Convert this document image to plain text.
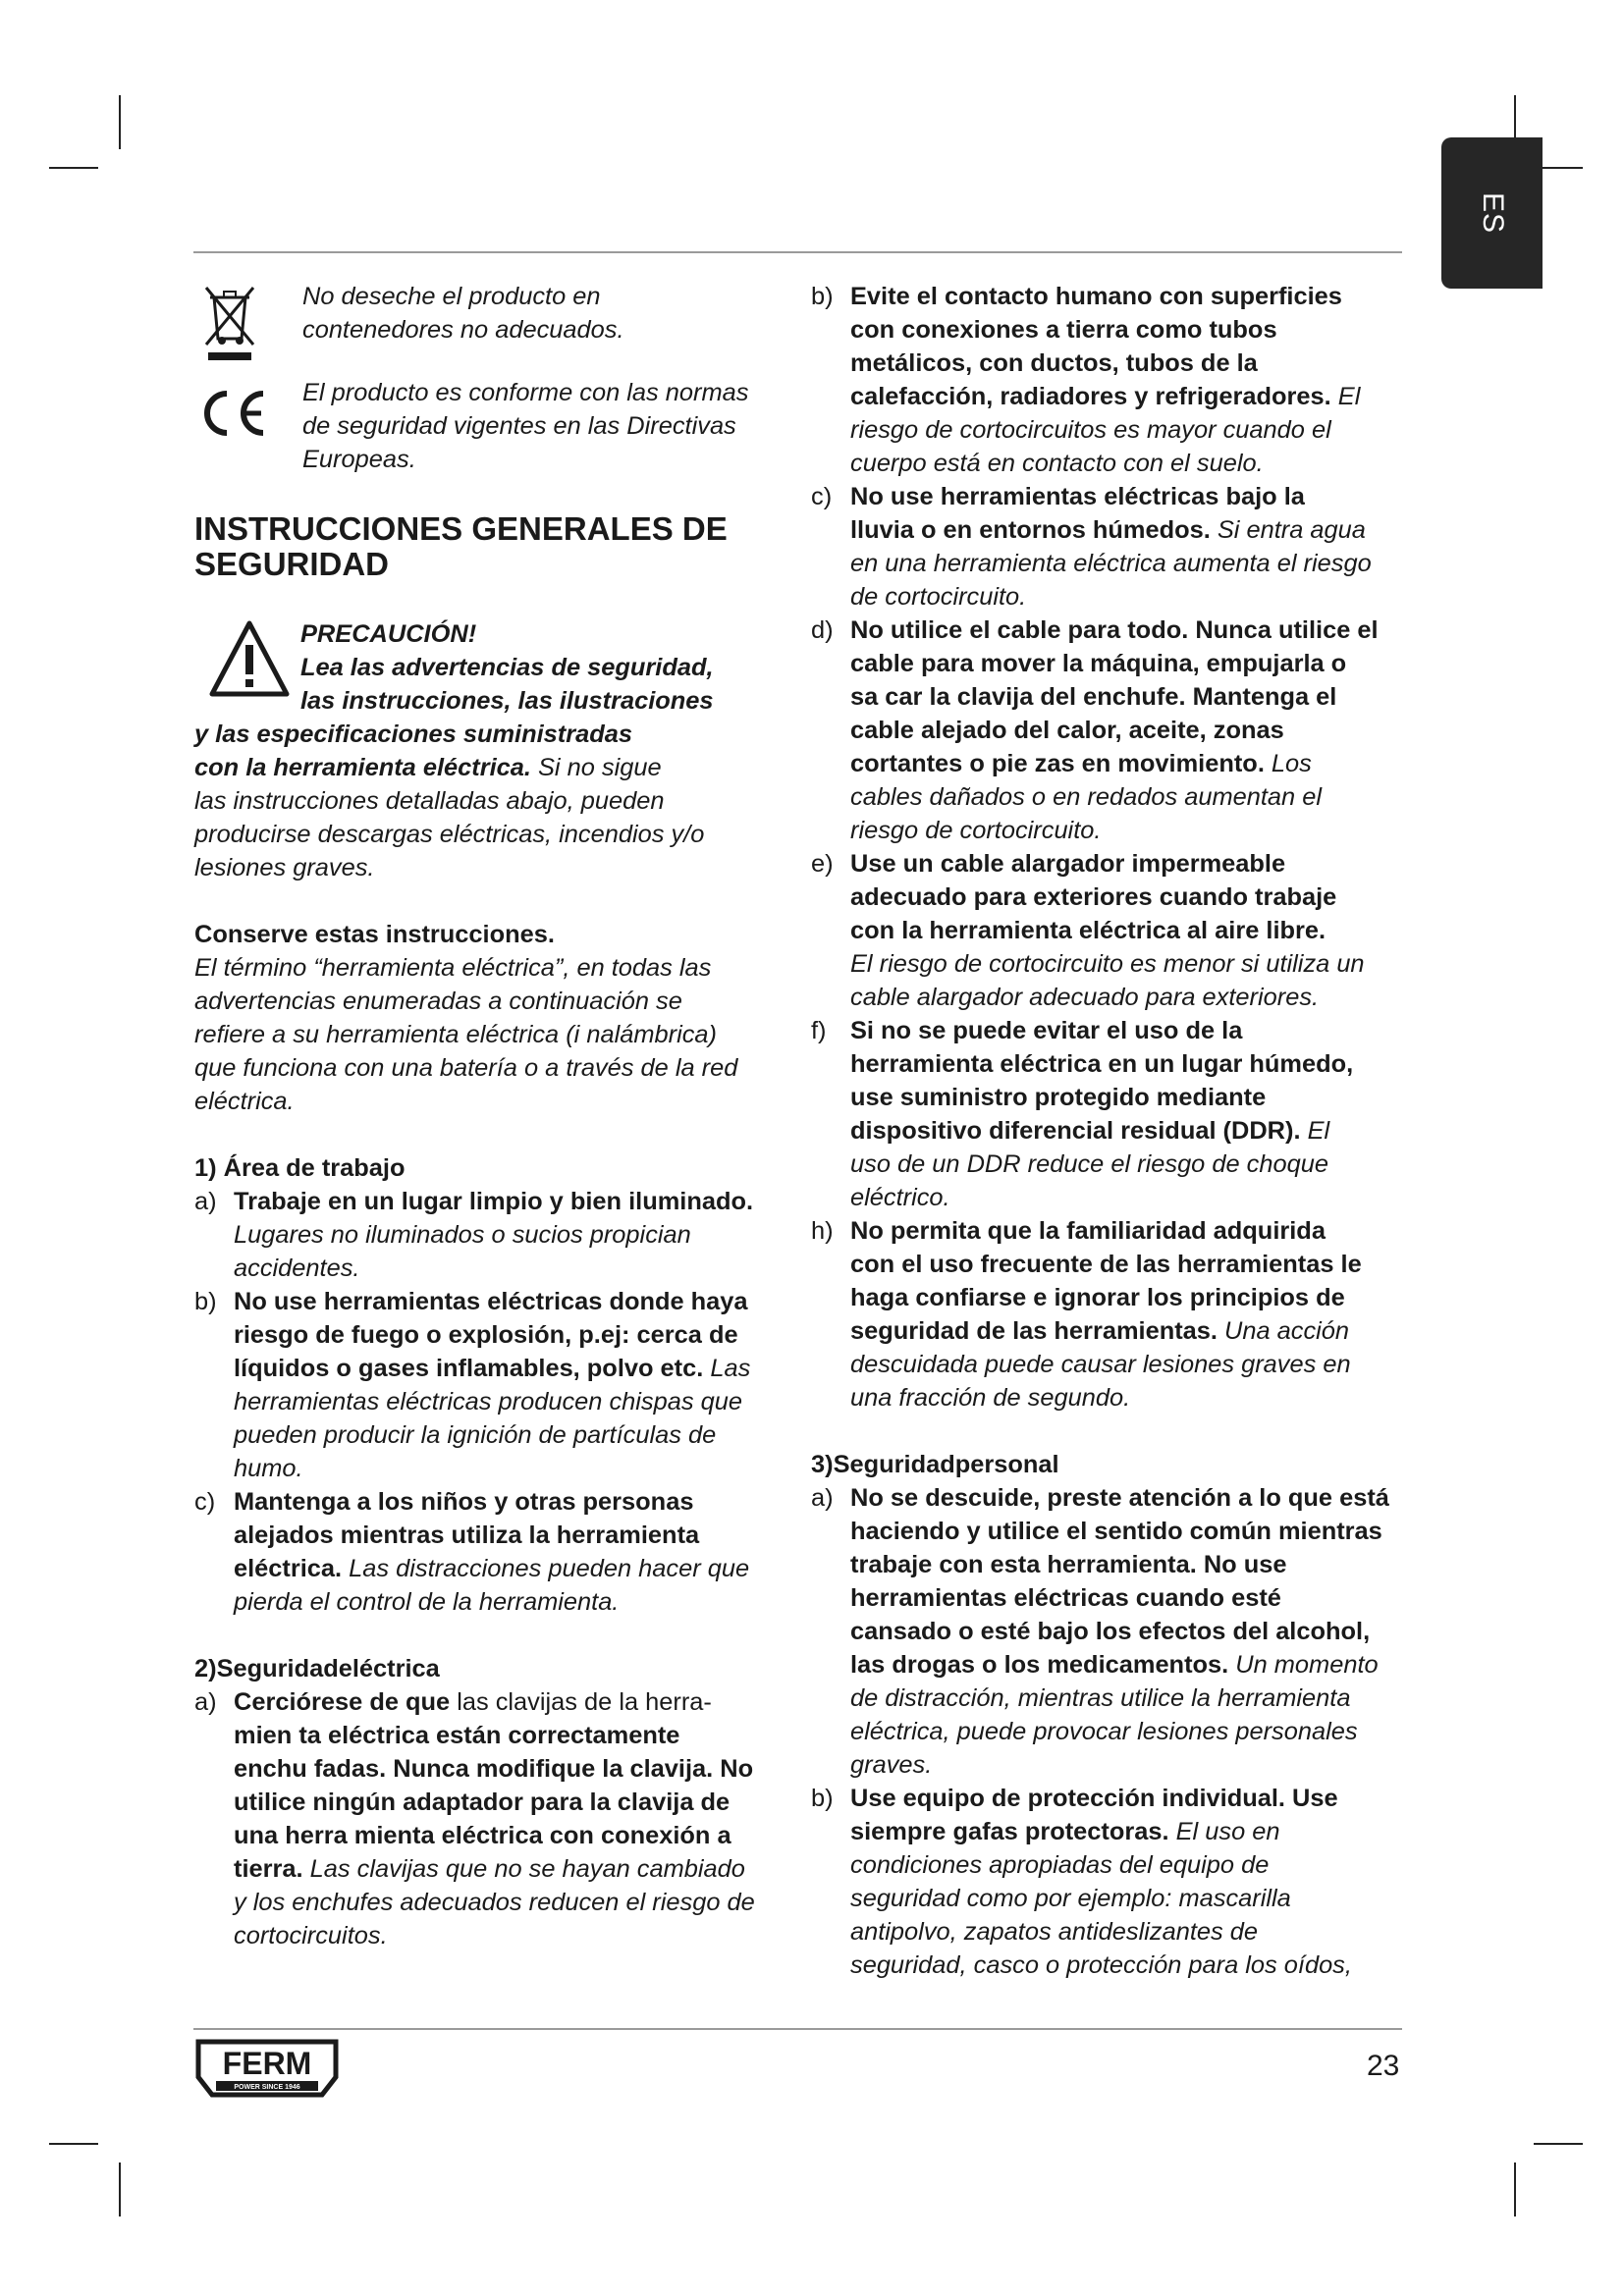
ES

No deseche el producto en

contenedores no adecuados.

El producto es conforme con las normas

de seguridad vigentes en las Directivas

Europeas.

INSTRUCCIONES GENERALES DE

SEGURIDAD

PRECAUCIÓN!

Lea las advertencias de seguridad,

las instrucciones, las ilustraciones

y las especificaciones suministradas

con la herramienta eléctrica. Si no sigue

las instrucciones detalladas abajo, pueden

producirse descargas eléctricas, incendios y/o

lesiones graves.

Conserve estas instrucciones.

El término “herramienta eléctrica”, en todas las

advertencias enumeradas a continuación se

refiere a su herramienta eléctrica (i nalámbrica)

que funciona con una batería o a través de la red

eléctrica.

1) Área de trabajo

a) Trabaje en un lugar limpio y bien iluminado.

Lugares no iluminados o sucios propician

accidentes.

b) No use herramientas eléctricas donde haya

riesgo de fuego o explosión, p.ej: cerca de

líquidos o gases inflamables, polvo etc. Las

herramientas eléctricas producen chispas que

pueden producir la ignición de partículas de

humo.

c) Mantenga a los niños y otras personas

alejados mientras utiliza la herramienta

eléctrica. Las distracciones pueden hacer que

pierda el control de la herramienta.

2)Seguridadeléctrica

a) Cerciórese de que las clavijas de la herra-

mien ta eléctrica están correctamente

enchu fadas. Nunca modifique la clavija. No

utilice ningún adaptador para la clavija de

una herra mienta eléctrica con conexión a

tierra. Las clavijas que no se hayan cambiado

y los enchufes adecuados reducen el riesgo de

cortocircuitos.

b) Evite el contacto humano con superficies

con conexiones a tierra como tubos

metálicos, con ductos, tubos de la

calefacción, radiadores y refrigeradores. El

riesgo de cortocircuitos es mayor cuando el

cuerpo está en contacto con el suelo.

c) No use herramientas eléctricas bajo la

lluvia o en entornos húmedos. Si entra agua

en una herramienta eléctrica aumenta el riesgo

de cortocircuito.

d) No utilice el cable para todo. Nunca utilice el

cable para mover la máquina, empujarla o

sa car la clavija del enchufe. Mantenga el

cable alejado del calor, aceite, zonas

cortantes o pie zas en movimiento. Los

cables dañados o en redados aumentan el

riesgo de cortocircuito.

e) Use un cable alargador impermeable

adecuado para exteriores cuando trabaje

con la herramienta eléctrica al aire libre.

El riesgo de cortocircuito es menor si utiliza un

cable alargador adecuado para exteriores.

f) Si no se puede evitar el uso de la

herramienta eléctrica en un lugar húmedo,

use suministro protegido mediante

dispositivo diferencial residual (DDR). El

uso de un DDR reduce el riesgo de choque

eléctrico.

h) No permita que la familiaridad adquirida

con el uso frecuente de las herramientas le

haga confiarse e ignorar los principios de

seguridad de las herramientas. Una acción

descuidada puede causar lesiones graves en

una fracción de segundo.

3)Seguridadpersonal

a) No se descuide, preste atención a lo que está

haciendo y utilice el sentido común mientras

trabaje con esta herramienta. No use

herramientas eléctricas cuando esté

cansado o esté bajo los efectos del alcohol,

las drogas o los medicamentos. Un momento

de distracción, mientras utilice la herramienta

eléctrica, puede provocar lesiones personales

graves.

b) Use equipo de protección individual. Use

siempre gafas protectoras. El uso en

condiciones apropiadas del equipo de

seguridad como por ejemplo: mascarilla

antipolvo, zapatos antideslizantes de

seguridad, casco o protección para los oídos,

FERM
POWER SINCE 1946
23
